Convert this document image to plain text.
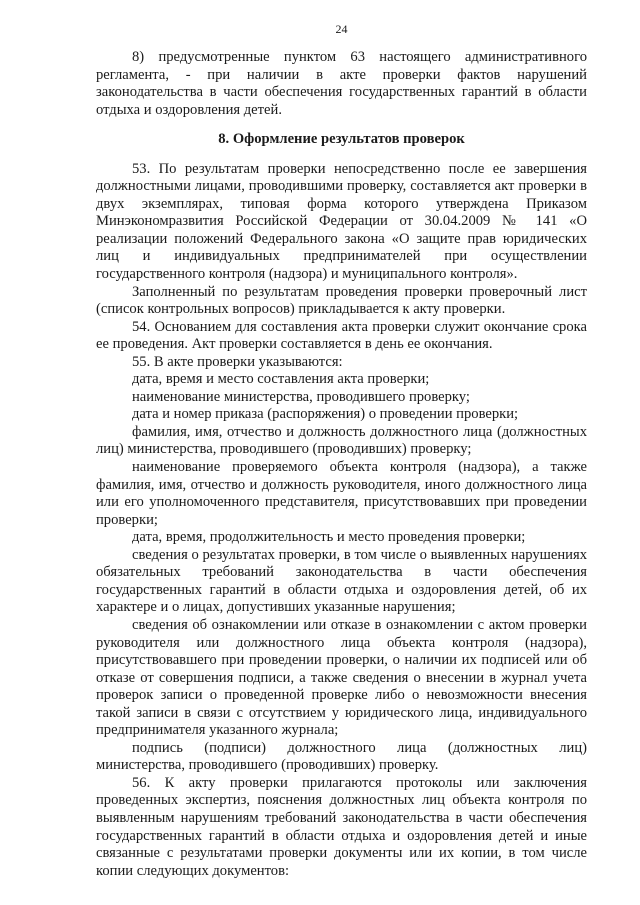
24

8) предусмотренные пунктом 63 настоящего административного регламента, - при наличии в акте проверки фактов нарушений законодательства в части обеспечения государственных гарантий в области отдыха и оздоровления детей.

8. Оформление результатов проверок

53. По результатам проверки непосредственно после ее завершения должностными лицами, проводившими проверку, составляется акт проверки в двух экземплярах, типовая форма которого утверждена Приказом Минэкономразвития Российской Федерации от 30.04.2009 № 141 «О реализации положений Федерального закона «О защите прав юридических лиц и индивидуальных предпринимателей при осуществлении государственного контроля (надзора) и муниципального контроля».

Заполненный по результатам проведения проверки проверочный лист (список контрольных вопросов) прикладывается к акту проверки.

54. Основанием для составления акта проверки служит окончание срока ее проведения. Акт проверки составляется в день ее окончания.

55. В акте проверки указываются:

дата, время и место составления акта проверки;

наименование министерства, проводившего проверку;

дата и номер приказа (распоряжения) о проведении проверки;

фамилия, имя, отчество и должность должностного лица (должностных лиц) министерства, проводившего (проводивших) проверку;

наименование проверяемого объекта контроля (надзора), а также фамилия, имя, отчество и должность руководителя, иного должностного лица или его уполномоченного представителя, присутствовавших при проведении проверки;

дата, время, продолжительность и место проведения проверки;

сведения о результатах проверки, в том числе о выявленных нарушениях обязательных требований законодательства в части обеспечения государственных гарантий в области отдыха и оздоровления детей, об их характере и о лицах, допустивших указанные нарушения;

сведения об ознакомлении или отказе в ознакомлении с актом проверки руководителя или должностного лица объекта контроля (надзора), присутствовавшего при проведении проверки, о наличии их подписей или об отказе от совершения подписи, а также сведения о внесении в журнал учета проверок записи о проведенной проверке либо о невозможности внесения такой записи в связи с отсутствием у юридического лица, индивидуального предпринимателя указанного журнала;

подпись (подписи) должностного лица (должностных лиц) министерства, проводившего (проводивших) проверку.

56. К акту проверки прилагаются протоколы или заключения проведенных экспертиз, пояснения должностных лиц объекта контроля по выявленным нарушениям требований законодательства в части обеспечения государственных гарантий в области отдыха и оздоровления детей и иные связанные с результатами проверки документы или их копии, в том числе копии следующих документов:
